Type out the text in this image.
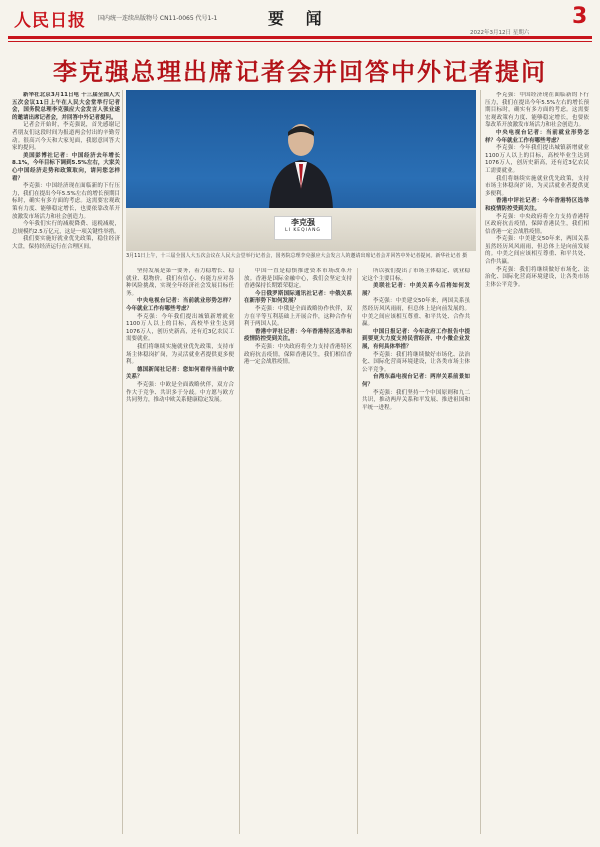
人民日报 国内统一连续出版物号 CN11-0065 代号1-1	要 闻	3
2022年3月12日 星期六
李克强总理出席记者会并回答中外记者提问

新华社北京3月11日电 十三届全国人大五次会议11日上午在人民大会堂举行记者会，国务院总理李克强应大会发言人张业遂的邀请出席记者会，并回答中外记者提问。

记者会开始时，李克强说，首先感谢记者朋友们这段时间为报道两会付出的辛勤劳动。很高兴今天和大家见面，我愿意回答大家的提问。

美国彭博社记者：中国经济去年增长8.1%，今年目标下调到5.5%左右，大家关心中国经济走势和政策取向，请问您怎样看？

李克强：中国经济现在面临新的下行压力，我们在提出今年5.5%左右的增长预期目标时，确实有多方面的考虑。这需要宏观政策有力度、能够稳定增长，也要依靠改革开放激发市场活力和社会创造力。

今年我们实行的减税降费、退税减税，总规模约2.5万亿元，这是一项关键性举措。

我们要实施好就业优先政策，稳住经济大盘，保持经济运行在合理区间。

李克强
LI KEQIANG
3月11日上午，十三届全国人大五次会议在人民大会堂举行记者会，国务院总理李克强应大会发言人的邀请出席记者会并回答中外记者提问。新华社记者 摄

坚持发展是第一要务，着力稳增长、稳就业、稳物价。我们有信心、有能力应对各种风险挑战，实现全年经济社会发展目标任务。

中央电视台记者：当前就业形势怎样？今年就业工作有哪些考虑？

李克强：今年我们提出城镇新增就业1100万人以上的目标，高校毕业生达到1076万人，创历史新高，还有近3亿农民工需要就业。

我们将继续实施就业优先政策，支持市场主体稳岗扩岗，为灵活就业者提供更多便利。

德国新闻社记者：您如何看待当前中欧关系？

李克强：中欧是全面战略伙伴，双方合作大于竞争、共识多于分歧。中方愿与欧方共同努力，推动中欧关系健康稳定发展。

中国一直是稳慎推进资本市场改革开放。香港是国际金融中心，我们会坚定支持香港保持长期繁荣稳定。

今日俄罗斯国际通讯社记者：中俄关系在新形势下如何发展？

李克强：中俄是全面战略协作伙伴，双方在平等互利基础上开展合作，这种合作有利于两国人民。

香港中评社记者：今年香港特区选举和疫情防控受到关注。

李克强：中央政府将全力支持香港特区政府抗击疫情，保障香港民生，我们相信香港一定会战胜疫情。

所以我们提出了市场主体稳定、就业稳定这个主要目标。

美联社记者：中美关系今后将如何发展？

李克强：中美建交50年来，两国关系虽然经历风风雨雨，但总体上是向前发展的。中美之间应该相互尊重、和平共处、合作共赢。

中国日报记者：今年政府工作报告中提到要更大力度支持民营经济、中小微企业发展，有何具体举措？

李克强：我们将继续做好市场化、法治化、国际化营商环境建设，让各类市场主体公平竞争。

台湾东森电视台记者：两岸关系前景如何？

李克强：我们坚持一个中国原则和九二共识，推动两岸关系和平发展、推进祖国和平统一进程。

李克强：中国经济现在面临新的下行压力，我们在提出今年5.5%左右的增长预期目标时，确实有多方面的考虑。这需要宏观政策有力度、能够稳定增长，也要依靠改革开放激发市场活力和社会创造力。

中央电视台记者：当前就业形势怎样？今年就业工作有哪些考虑？

李克强：今年我们提出城镇新增就业1100万人以上的目标，高校毕业生达到1076万人，创历史新高，还有近3亿农民工需要就业。

我们将继续实施就业优先政策，支持市场主体稳岗扩岗，为灵活就业者提供更多便利。

香港中评社记者：今年香港特区选举和疫情防控受到关注。

李克强：中央政府将全力支持香港特区政府抗击疫情，保障香港民生，我们相信香港一定会战胜疫情。

李克强：中美建交50年来，两国关系虽然经历风风雨雨，但总体上是向前发展的。中美之间应该相互尊重、和平共处、合作共赢。

李克强：我们将继续做好市场化、法治化、国际化营商环境建设，让各类市场主体公平竞争。
